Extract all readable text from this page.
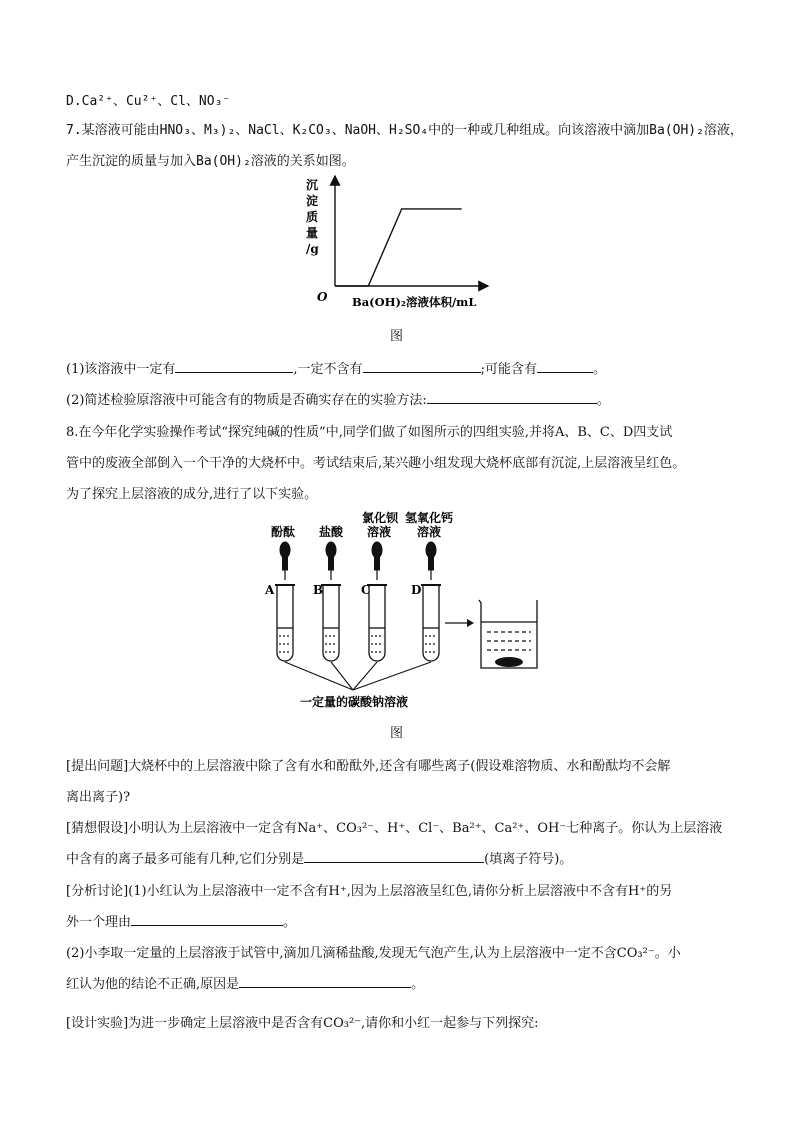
D.Ca²⁺、Cu²⁺、Cl、NO₃⁻
7.某溶液可能由HNO₃、M₃)₂、NaCl、K₂CO₃、NaOH、H₂SO₄中的一种或几种组成。向该溶液中滴加Ba(OH)₂溶液，
产生沉淀的质量与加入Ba(OH)₂溶液的关系如图。
沉
淀
质
量
/g
O Ba(OH)₂溶液体积/mL
图
(1)该溶液中一定有	,一定不含有	;可能含有	。
(2)简述检验原溶液中可能含有的物质是否确实存在的实验方法:	。
8.在今年化学实验操作考试“探究纯碱的性质”中,同学们做了如图所示的四组实验,并将A、B、C、D四支试
管中的废液全部倒入一个干净的大烧杯中。考试结束后,某兴趣小组发现大烧杯底部有沉淀,上层溶液呈红色。
为了探究上层溶液的成分,进行了以下实验。
酚酞 盐酸
氯化钡
溶液
氢氧化钙
溶液
A	B	C	D
一定量的碳酸钠溶液
图
[提出问题]大烧杯中的上层溶液中除了含有水和酚酞外,还含有哪些离子(假设难溶物质、水和酚酞均不会解
离出离子)?
[猜想假设]小明认为上层溶液中一定含有Na⁺、CO₃²⁻、H⁺、Cl⁻、Ba²⁺、Ca²⁺、OH⁻七种离子。你认为上层溶液
中含有的离子最多可能有几种,它们分别是	(填离子符号)。
[分析讨论](1)小红认为上层溶液中一定不含有H⁺,因为上层溶液呈红色,请你分析上层溶液中不含有H⁺的另
外一个理由	。
(2)小李取一定量的上层溶液于试管中,滴加几滴稀盐酸,发现无气泡产生,认为上层溶液中一定不含CO₃²⁻。小
红认为他的结论不正确,原因是	。
[设计实验]为进一步确定上层溶液中是否含有CO₃²⁻,请你和小红一起参与下列探究:
